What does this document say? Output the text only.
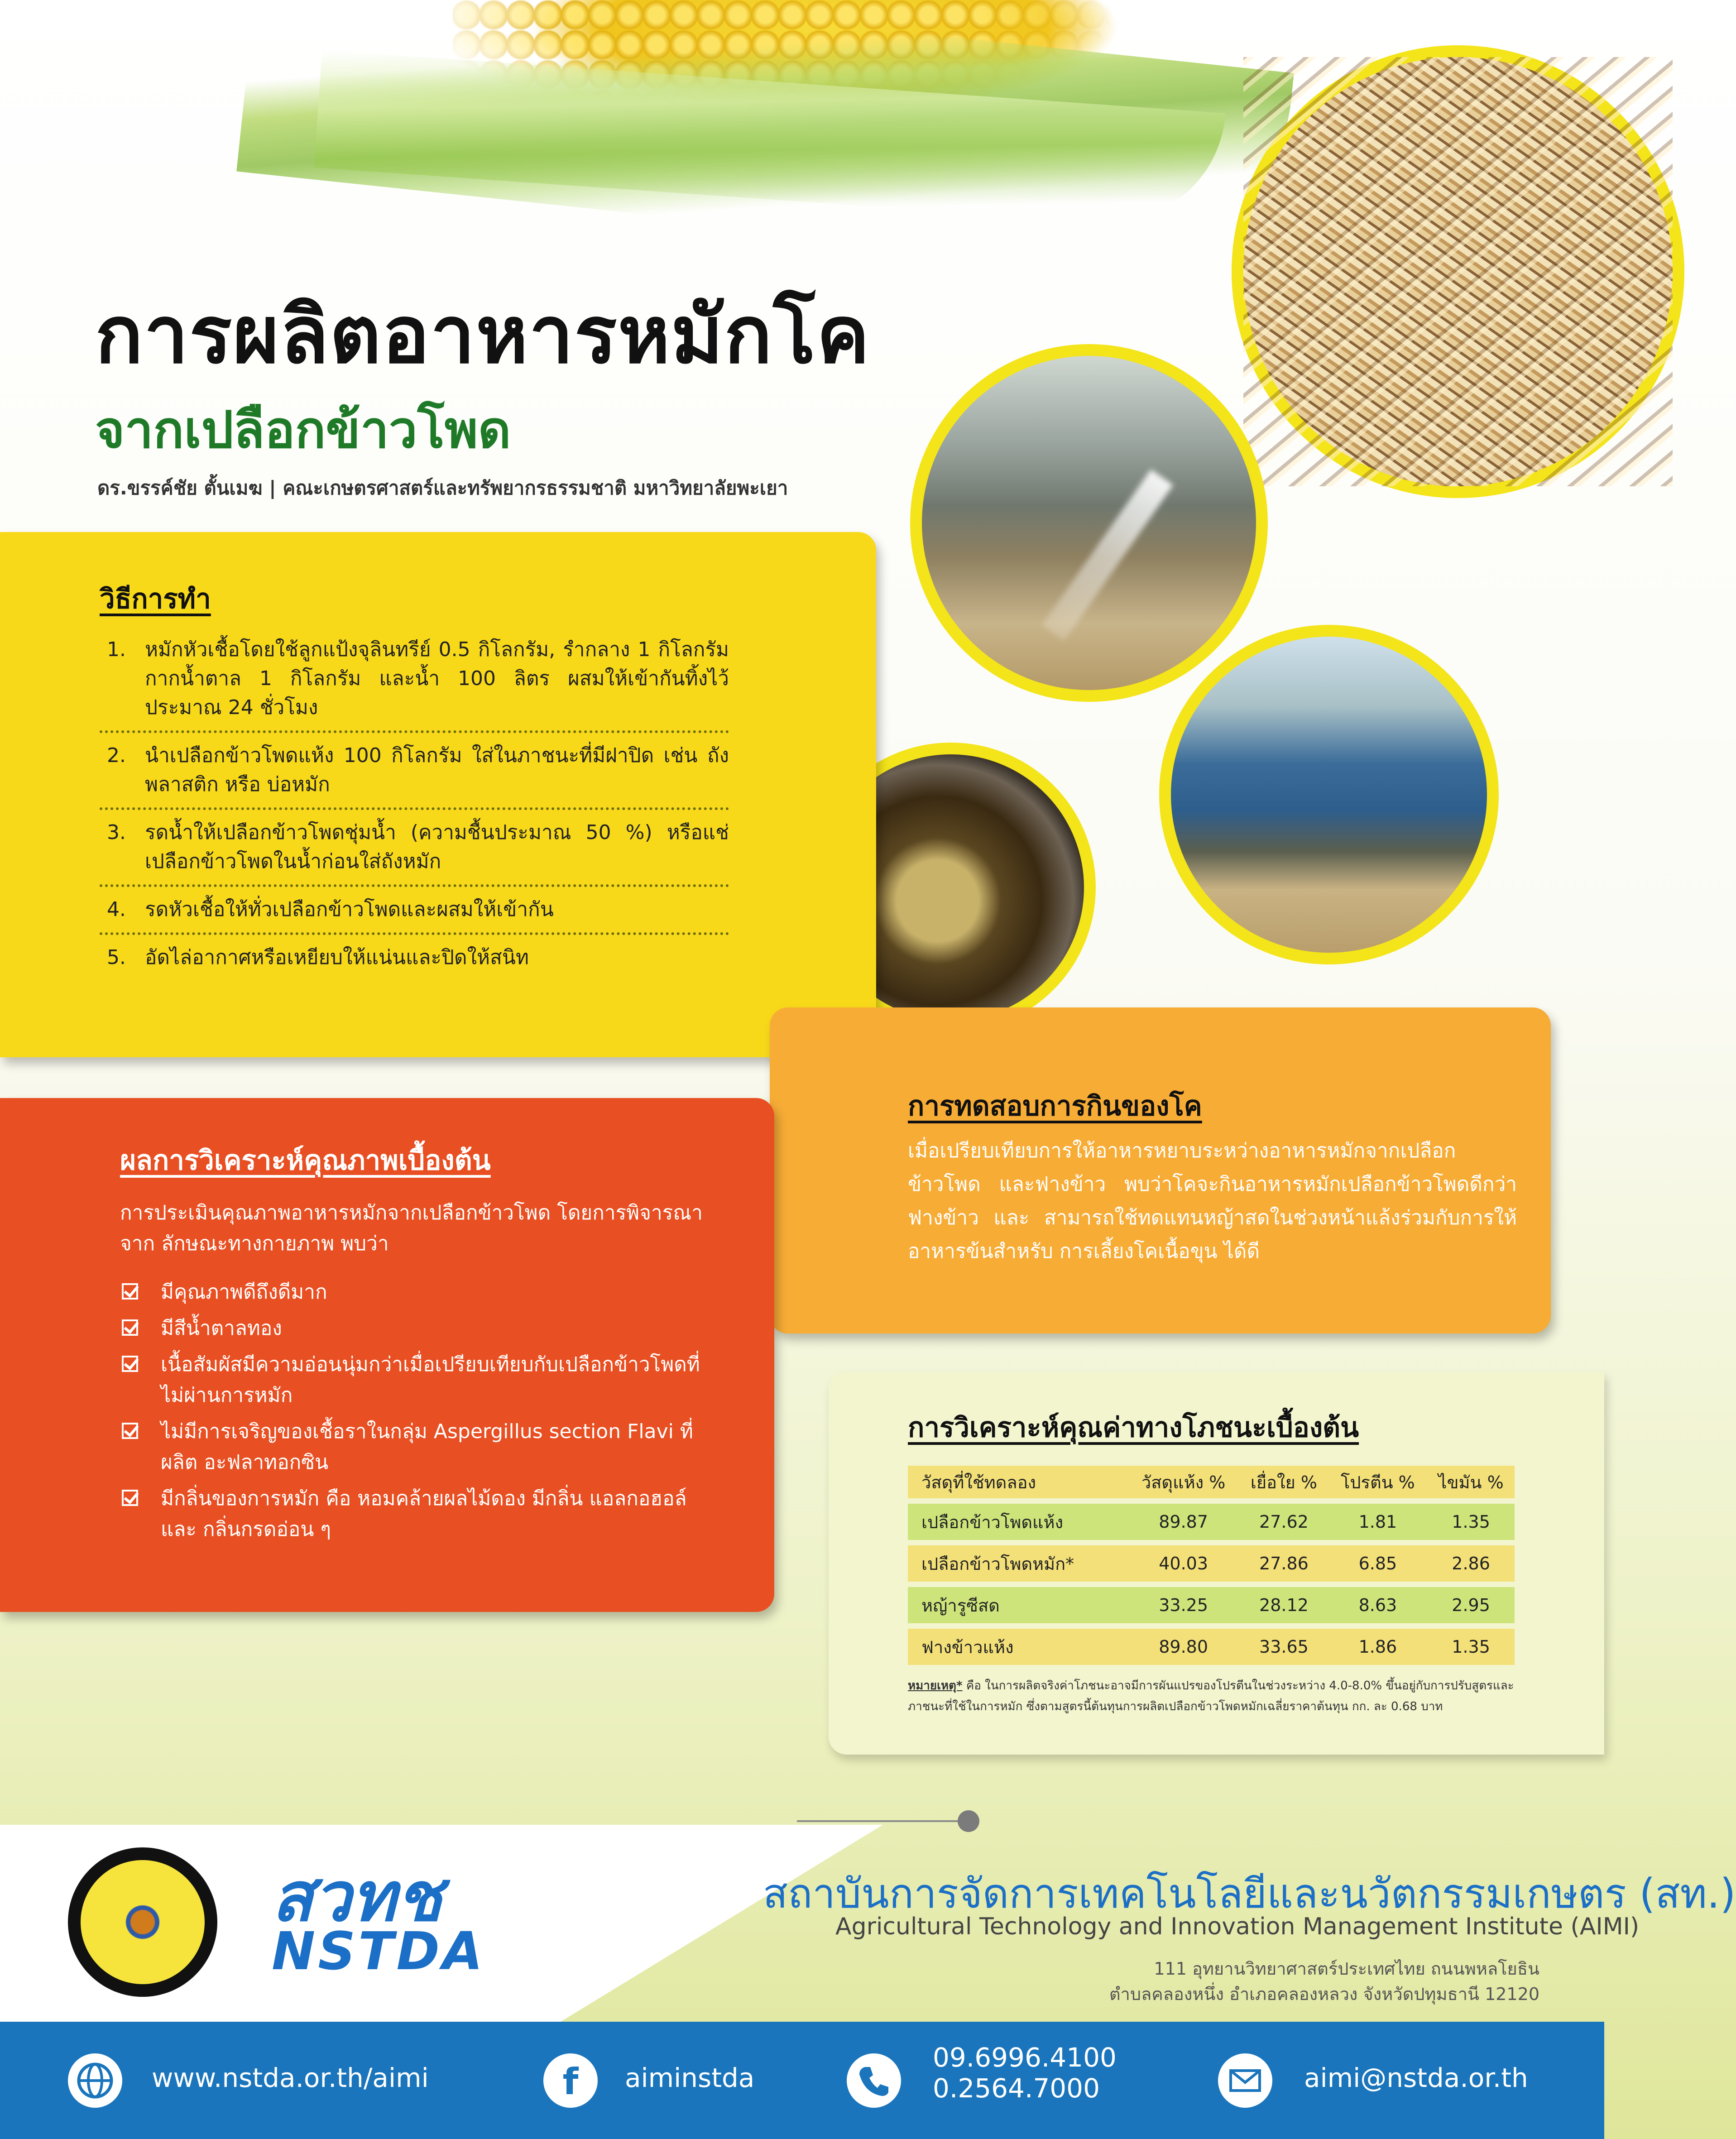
การผลิตอาหารหมักโค
จากเปลือกข้าวโพด
ดร.ขรรค์ชัย ตั้นเมฆ | คณะเกษตรศาสตร์และทรัพยากรธรรมชาติ มหาวิทยาลัยพะเยา
วิธีการทำ
1. หมักหัวเชื้อโดยใช้ลูกแป้งจุลินทรีย์ 0.5 กิโลกรัม, รำกลาง 1 กิโลกรัม กากน้ำตาล 1 กิโลกรัม และน้ำ 100 ลิตร ผสมให้เข้ากันทิ้งไว้ ประมาณ 24 ชั่วโมง
2. นำเปลือกข้าวโพดแห้ง 100 กิโลกรัม ใส่ในภาชนะที่มีฝาปิด เช่น ถัง พลาสติก หรือ บ่อหมัก
3. รดน้ำให้เปลือกข้าวโพดชุ่มน้ำ (ความชื้นประมาณ 50 %) หรือแช่ เปลือกข้าวโพดในน้ำก่อนใส่ถังหมัก
4. รดหัวเชื้อให้ทั่วเปลือกข้าวโพดและผสมให้เข้ากัน
5. อัดไล่อากาศหรือเหยียบให้แน่นและปิดให้สนิท
การทดสอบการกินของโค
เมื่อเปรียบเทียบการให้อาหารหยาบระหว่างอาหารหมักจากเปลือกข้าวโพด และฟางข้าว พบว่าโคจะกินอาหารหมักเปลือกข้าวโพดดีกว่าฟางข้าว และ สามารถใช้ทดแทนหญ้าสดในช่วงหน้าแล้งร่วมกับการให้อาหารข้นสำหรับ การเลี้ยงโคเนื้อขุน ได้ดี
ผลการวิเคราะห์คุณภาพเบื้องต้น
การประเมินคุณภาพอาหารหมักจากเปลือกข้าวโพด โดยการพิจารณาจาก ลักษณะทางกายภาพ พบว่า
มีคุณภาพดีถึงดีมาก
มีสีน้ำตาลทอง
เนื้อสัมผัสมีความอ่อนนุ่มกว่าเมื่อเปรียบเทียบกับเปลือกข้าวโพดที่ ไม่ผ่านการหมัก
ไม่มีการเจริญของเชื้อราในกลุ่ม Aspergillus section Flavi ที่ผลิต อะฟลาทอกซิน
มีกลิ่นของการหมัก คือ หอมคล้ายผลไม้ดอง มีกลิ่น แอลกอฮอล์ และ กลิ่นกรดอ่อน ๆ
การวิเคราะห์คุณค่าทางโภชนะเบื้องต้น
วัสดุที่ใช้ทดลอง	วัสดุแห้ง %	เยื่อใย %	โปรตีน %	ไขมัน %
เปลือกข้าวโพดแห้ง	89.87	27.62	1.81	1.35
เปลือกข้าวโพดหมัก*	40.03	27.86	6.85	2.86
หญ้ารูซีสด	33.25	28.12	8.63	2.95
ฟางข้าวแห้ง	89.80	33.65	1.86	1.35
หมายเหตุ* คือ ในการผลิตจริงค่าโภชนะอาจมีการผันแปรของโปรตีนในช่วงระหว่าง 4.0-8.0% ขึ้นอยู่กับการปรับสูตรและ ภาชนะที่ใช้ในการหมัก ซึ่งตามสูตรนี้ต้นทุนการผลิตเปลือกข้าวโพดหมักเฉลี่ยราคาต้นทุน กก. ละ 0.68 บาท
สวทช
NSTDA
สถาบันการจัดการเทคโนโลยีและนวัตกรรมเกษตร (สท.)
Agricultural Technology and Innovation Management Institute (AIMI)
111 อุทยานวิทยาศาสตร์ประเทศไทย ถนนพหลโยธิน
ตำบลคลองหนึ่ง อำเภอคลองหลวง จังหวัดปทุมธานี 12120
www.nstda.or.th/aimi	f aiminstda
09.6996.4100
0.2564.7000	aimi@nstda.or.th
